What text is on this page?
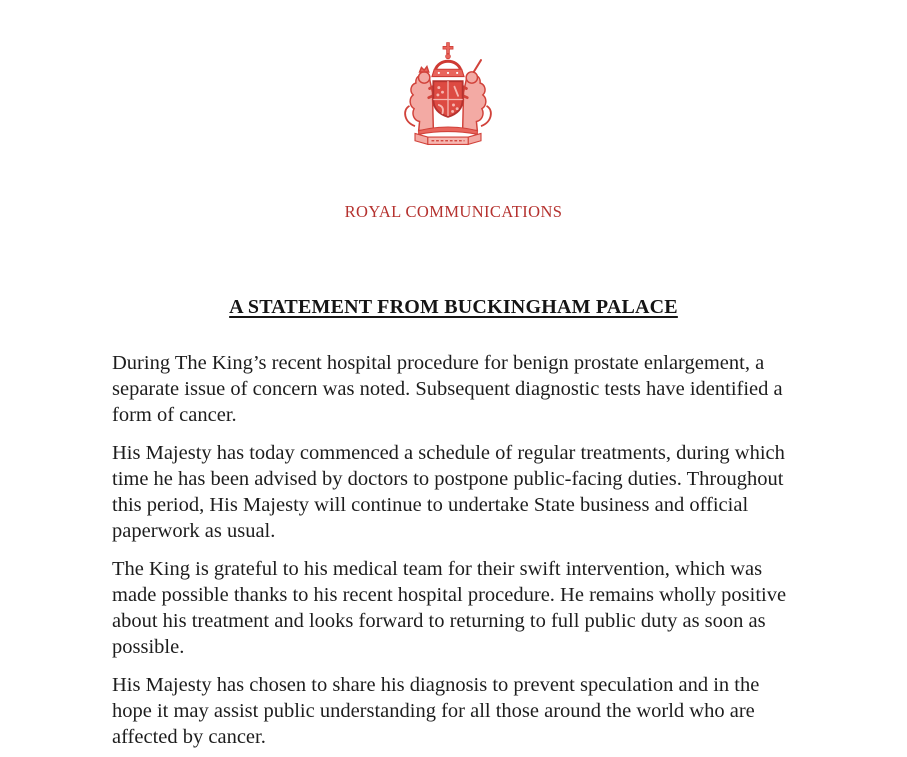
ROYAL COMMUNICATIONS
A STATEMENT FROM BUCKINGHAM PALACE

During The King’s recent hospital procedure for benign prostate enlargement, a separate issue of concern was noted. Subsequent diagnostic tests have identified a form of cancer.

His Majesty has today commenced a schedule of regular treatments, during which time he has been advised by doctors to postpone public-facing duties. Throughout this period, His Majesty will continue to undertake State business and official paperwork as usual.

The King is grateful to his medical team for their swift intervention, which was made possible thanks to his recent hospital procedure. He remains wholly positive about his treatment and looks forward to returning to full public duty as soon as possible.

His Majesty has chosen to share his diagnosis to prevent speculation and in the hope it may assist public understanding for all those around the world who are affected by cancer.
